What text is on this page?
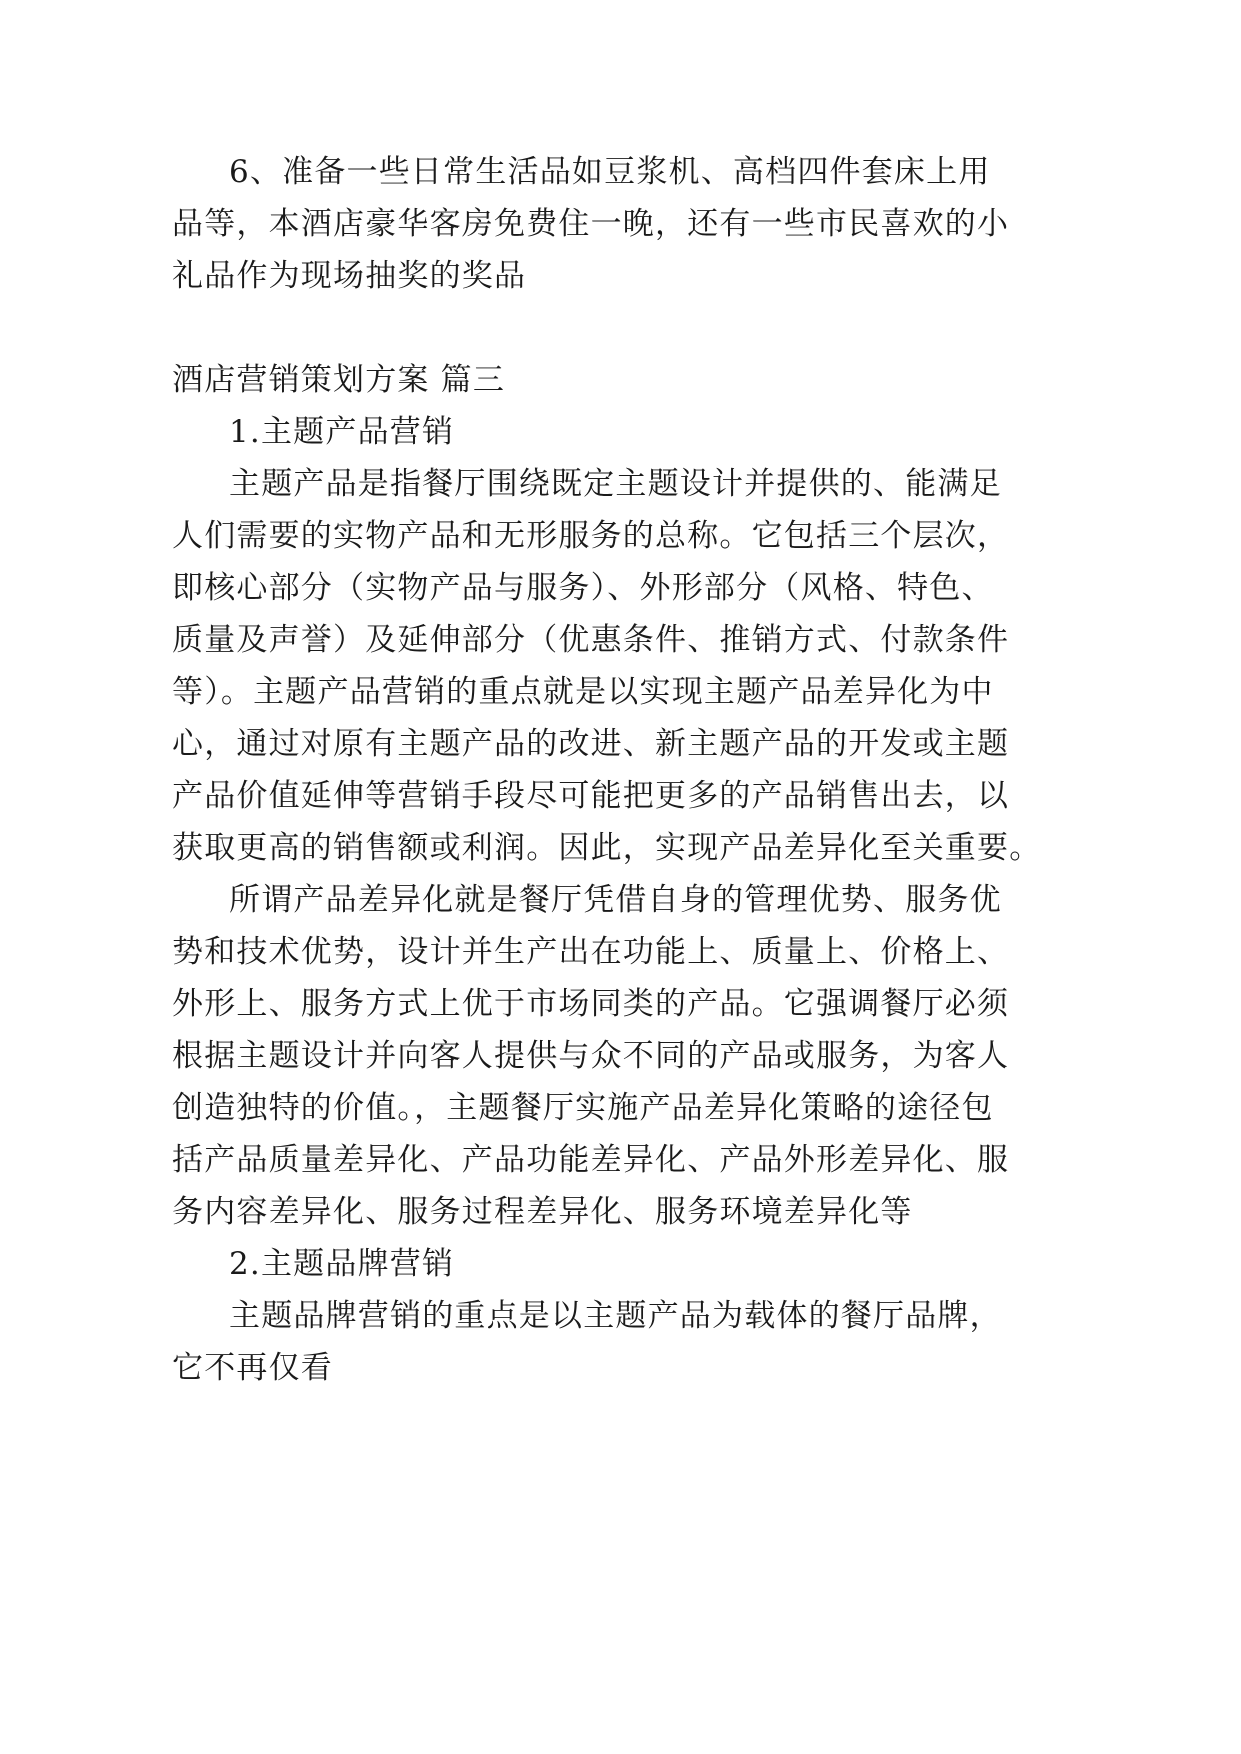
6、准备一些日常生活品如豆浆机、高档四件套床上用
品等，本酒店豪华客房免费住一晚，还有一些市民喜欢的小
礼品作为现场抽奖的奖品
酒店营销策划方案 篇三
1.主题产品营销
主题产品是指餐厅围绕既定主题设计并提供的、能满足
人们需要的实物产品和无形服务的总称。它包括三个层次，
即核心部分（实物产品与服务）、外形部分（风格、特色、
质量及声誉）及延伸部分（优惠条件、推销方式、付款条件
等）。主题产品营销的重点就是以实现主题产品差异化为中
心，通过对原有主题产品的改进、新主题产品的开发或主题
产品价值延伸等营销手段尽可能把更多的产品销售出去，以
获取更高的销售额或利润。因此，实现产品差异化至关重要。
所谓产品差异化就是餐厅凭借自身的管理优势、服务优
势和技术优势，设计并生产出在功能上、质量上、价格上、
外形上、服务方式上优于市场同类的产品。它强调餐厅必须
根据主题设计并向客人提供与众不同的产品或服务，为客人
创造独特的价值。，主题餐厅实施产品差异化策略的途径包
括产品质量差异化、产品功能差异化、产品外形差异化、服
务内容差异化、服务过程差异化、服务环境差异化等
2.主题品牌营销
主题品牌营销的重点是以主题产品为载体的餐厅品牌，
它不再仅看
